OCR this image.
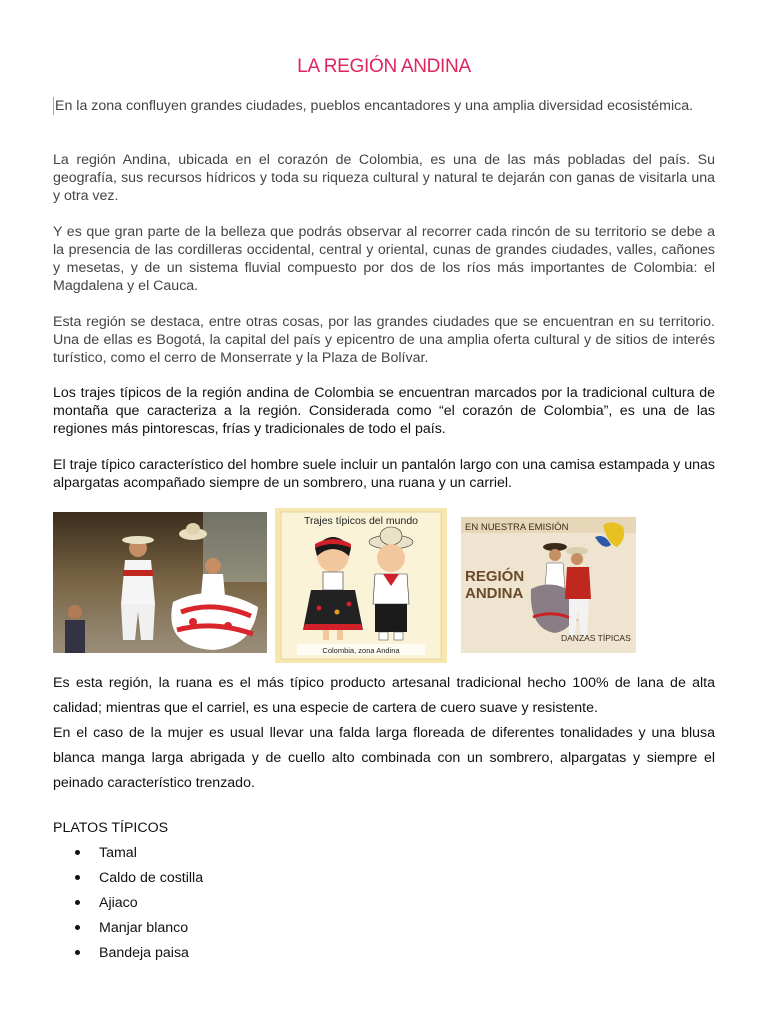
LA REGIÓN ANDINA
En la zona confluyen grandes ciudades, pueblos encantadores y una amplia diversidad ecosistémica.
La región Andina, ubicada en el corazón de Colombia, es una de las más pobladas del país. Su geografía, sus recursos hídricos y toda su riqueza cultural y natural te dejarán con ganas de visitarla una y otra vez.
Y es que gran parte de la belleza que podrás observar al recorrer cada rincón de su territorio se debe a la presencia de las cordilleras occidental, central y oriental, cunas de grandes ciudades, valles, cañones y mesetas, y de un sistema fluvial compuesto por dos de los ríos más importantes de Colombia: el Magdalena y el Cauca.
Esta región se destaca, entre otras cosas, por las grandes ciudades que se encuentran en su territorio. Una de ellas es Bogotá, la capital del país y epicentro de una amplia oferta cultural y de sitios de interés turístico, como el cerro de Monserrate y la Plaza de Bolívar.
Los trajes típicos de la región andina de Colombia se encuentran marcados por la tradicional cultura de montaña que caracteriza a la región. Considerada como “el corazón de Colombia”, es una de las regiones más pintorescas, frías y tradicionales de todo el país.
El traje típico característico del hombre suele incluir un pantalón largo con una camisa estampada y unas alpargatas acompañado siempre de un sombrero, una ruana y un carriel.
Trajes típicos del mundo
Colombia, zona Andina
EN NUESTRA EMISIÓN
REGIÓN
ANDINA
DANZAS TÍPICAS
Es esta región, la ruana es el más típico producto artesanal tradicional hecho 100% de lana de alta calidad; mientras que el carriel, es una especie de cartera de cuero suave y resistente.
En el caso de la mujer es usual llevar una falda larga floreada de diferentes tonalidades y una blusa blanca manga larga abrigada y de cuello alto combinada con un sombrero, alpargatas y siempre el peinado característico trenzado.
PLATOS TÍPICOS
Tamal
Caldo de costilla
Ajiaco
Manjar blanco
Bandeja paisa
